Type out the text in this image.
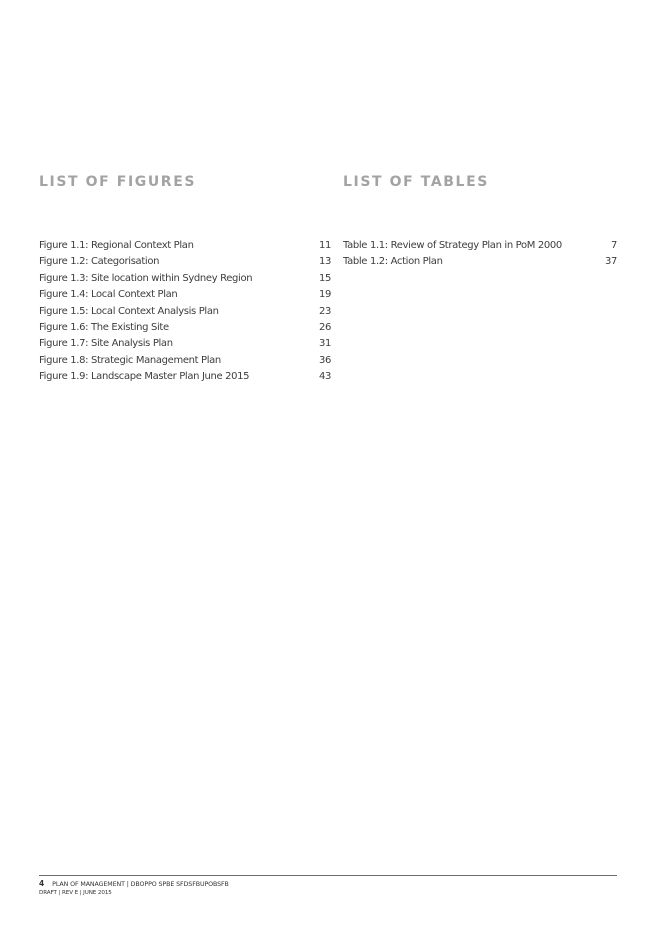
LIST OF FIGURES	LIST OF TABLES
Figure 1.1: Regional Context Plan	11
Figure 1.2: Categorisation	13
Figure 1.3: Site location within Sydney Region	15
Figure 1.4: Local Context Plan	19
Figure 1.5: Local Context Analysis Plan	23
Figure 1.6: The Existing Site	26
Figure 1.7: Site Analysis Plan	31
Figure 1.8: Strategic Management Plan	36
Figure 1.9: Landscape Master Plan June 2015	43
Table 1.1: Review of Strategy Plan in PoM 2000	7
Table 1.2: Action Plan	37
4 PLAN OF MANAGEMENT | DBOPPO SPBE SFDSFBUPOBSFB
DRAFT | REV E | JUNE 2015
